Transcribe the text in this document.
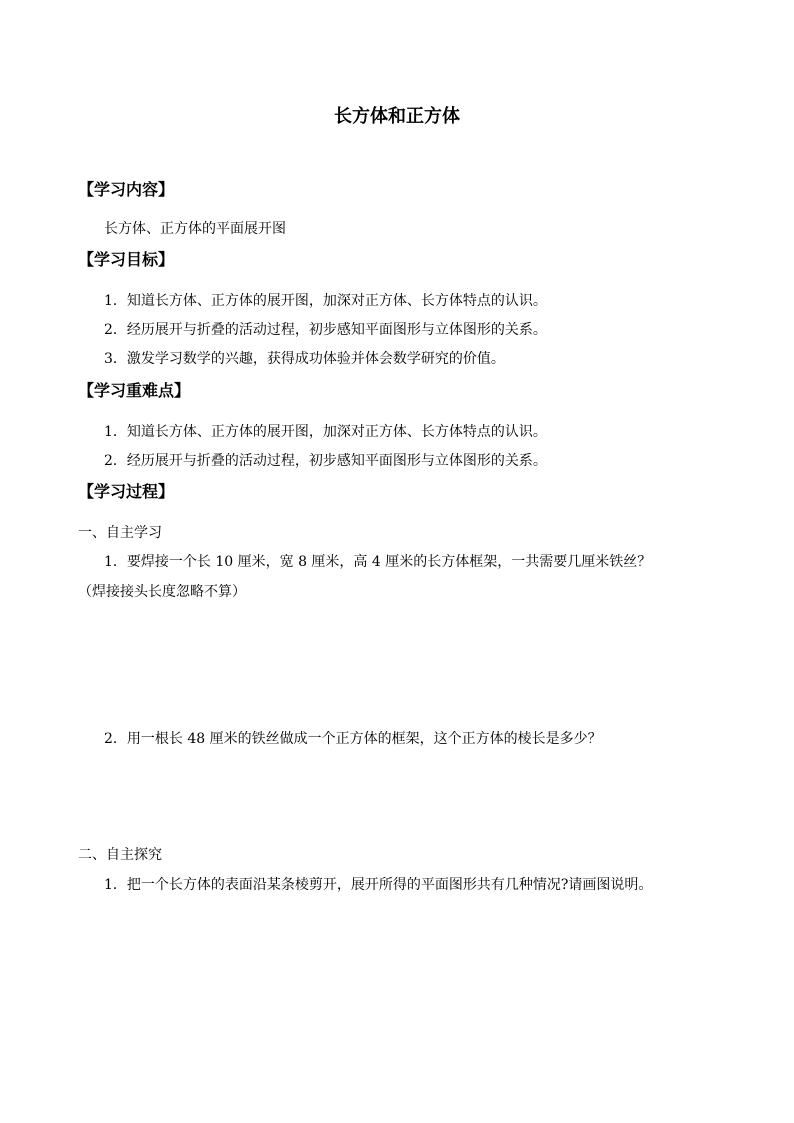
长方体和正方体
【学习内容】
长方体、正方体的平面展开图
【学习目标】
1．知道长方体、正方体的展开图，加深对正方体、长方体特点的认识。
2．经历展开与折叠的活动过程，初步感知平面图形与立体图形的关系。
3．激发学习数学的兴趣，获得成功体验并体会数学研究的价值。
【学习重难点】
1．知道长方体、正方体的展开图，加深对正方体、长方体特点的认识。
2．经历展开与折叠的活动过程，初步感知平面图形与立体图形的关系。
【学习过程】
一、自主学习
1．要焊接一个长 10 厘米，宽 8 厘米，高 4 厘米的长方体框架，一共需要几厘米铁丝？
（焊接接头长度忽略不算）
2．用一根长 48 厘米的铁丝做成一个正方体的框架，这个正方体的棱长是多少？
二、自主探究
1．把一个长方体的表面沿某条棱剪开，展开所得的平面图形共有几种情况?请画图说明。
